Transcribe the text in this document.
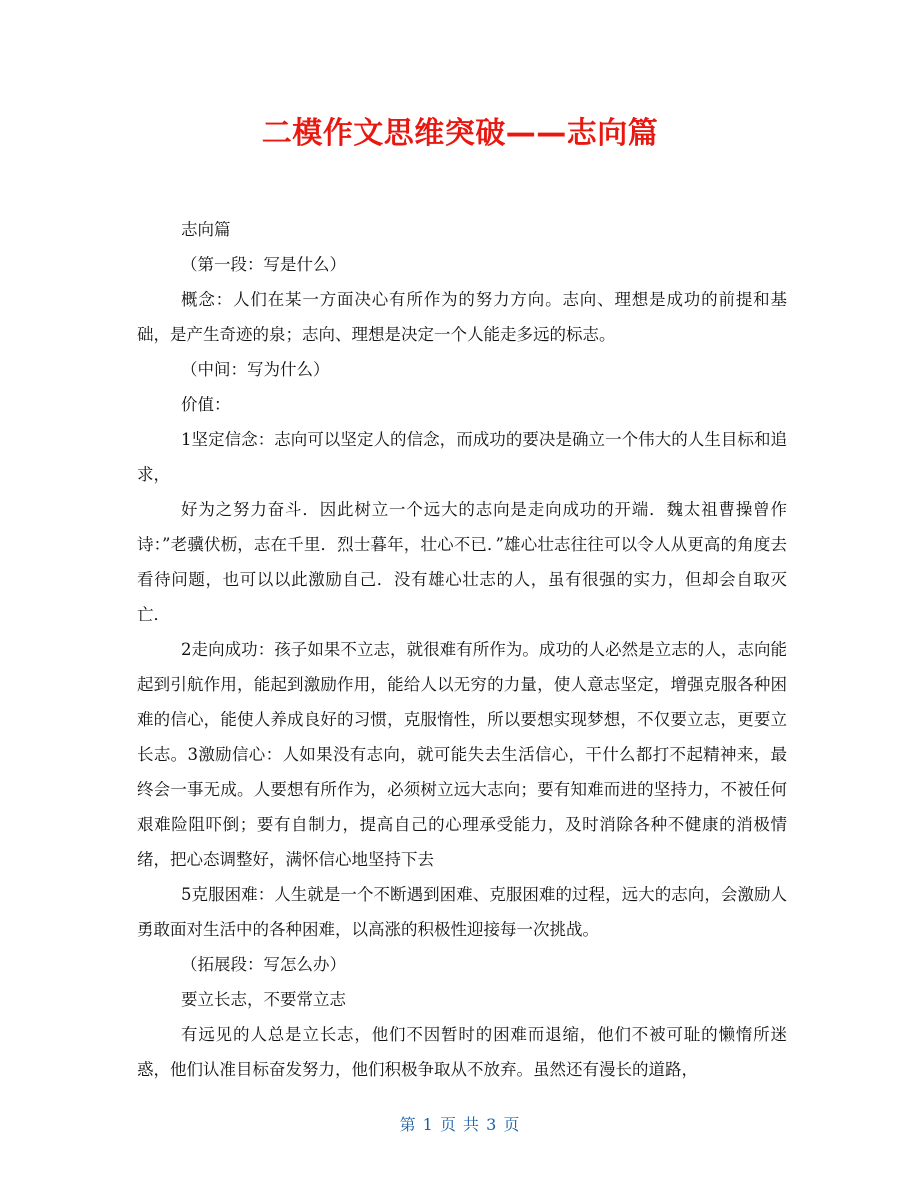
二模作文思维突破——志向篇

志向篇

（第一段：写是什么）

概念：人们在某一方面决心有所作为的努力方向。志向、理想是成功的前提和基础，是产生奇迹的泉；志向、理想是决定一个人能走多远的标志。

（中间：写为什么）

价值：

1坚定信念：志向可以坚定人的信念，而成功的要决是确立一个伟大的人生目标和追求，

好为之努力奋斗．因此树立一个远大的志向是走向成功的开端．魏太祖曹操曾作诗：”老骥伏枥，志在千里．烈士暮年，壮心不已．”雄心壮志往往可以令人从更高的角度去看待问题，也可以以此激励自己．没有雄心壮志的人，虽有很强的实力，但却会自取灭亡．

2走向成功：孩子如果不立志，就很难有所作为。成功的人必然是立志的人，志向能起到引航作用，能起到激励作用，能给人以无穷的力量，使人意志坚定，增强克服各种困难的信心，能使人养成良好的习惯，克服惰性，所以要想实现梦想，不仅要立志，更要立长志。3激励信心：人如果没有志向，就可能失去生活信心，干什么都打不起精神来，最终会一事无成。人要想有所作为，必须树立远大志向；要有知难而进的坚持力，不被任何艰难险阻吓倒；要有自制力，提高自己的心理承受能力，及时消除各种不健康的消极情绪，把心态调整好，满怀信心地坚持下去

5克服困难：人生就是一个不断遇到困难、克服困难的过程，远大的志向，会激励人勇敢面对生活中的各种困难，以高涨的积极性迎接每一次挑战。

（拓展段：写怎么办）

要立长志，不要常立志

有远见的人总是立长志，他们不因暂时的困难而退缩，他们不被可耻的懒惰所迷惑，他们认准目标奋发努力，他们积极争取从不放弃。虽然还有漫长的道路，

第 1 页 共 3 页
